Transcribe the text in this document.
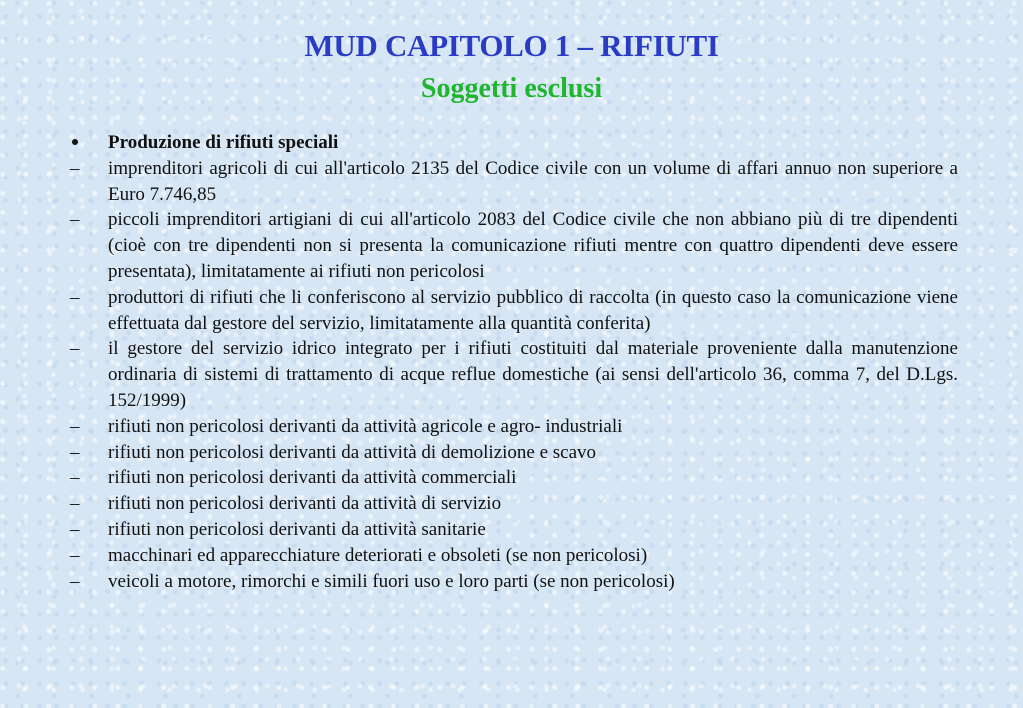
MUD CAPITOLO 1 – RIFIUTI
Soggetti esclusi
Produzione di rifiuti speciali
–	imprenditori agricoli di cui all'articolo 2135 del Codice civile con un volume di affari annuo non superiore a Euro 7.746,85
–	piccoli imprenditori artigiani di cui all'articolo 2083 del Codice civile che non abbiano più di tre dipendenti (cioè con tre dipendenti non si presenta la comunicazione rifiuti mentre con quattro dipendenti deve essere presentata), limitatamente ai rifiuti non pericolosi
–	produttori di rifiuti che li conferiscono al servizio pubblico di raccolta (in questo caso la comunicazione viene effettuata dal gestore del servizio, limitatamente alla quantità conferita)
–	il gestore del servizio idrico integrato per i rifiuti costituiti dal materiale proveniente dalla manutenzione ordinaria di sistemi di trattamento di acque reflue domestiche (ai sensi dell'articolo 36, comma 7, del D.Lgs. 152/1999)
–	rifiuti non pericolosi derivanti da attività agricole e agro- industriali
–	rifiuti non pericolosi derivanti da attività di demolizione e scavo
–	rifiuti non pericolosi derivanti da attività commerciali
–	rifiuti non pericolosi derivanti da attività di servizio
–	rifiuti non pericolosi derivanti da attività sanitarie
–	macchinari ed apparecchiature deteriorati e obsoleti (se non pericolosi)
–	veicoli a motore, rimorchi e simili fuori uso e loro parti (se non pericolosi)
